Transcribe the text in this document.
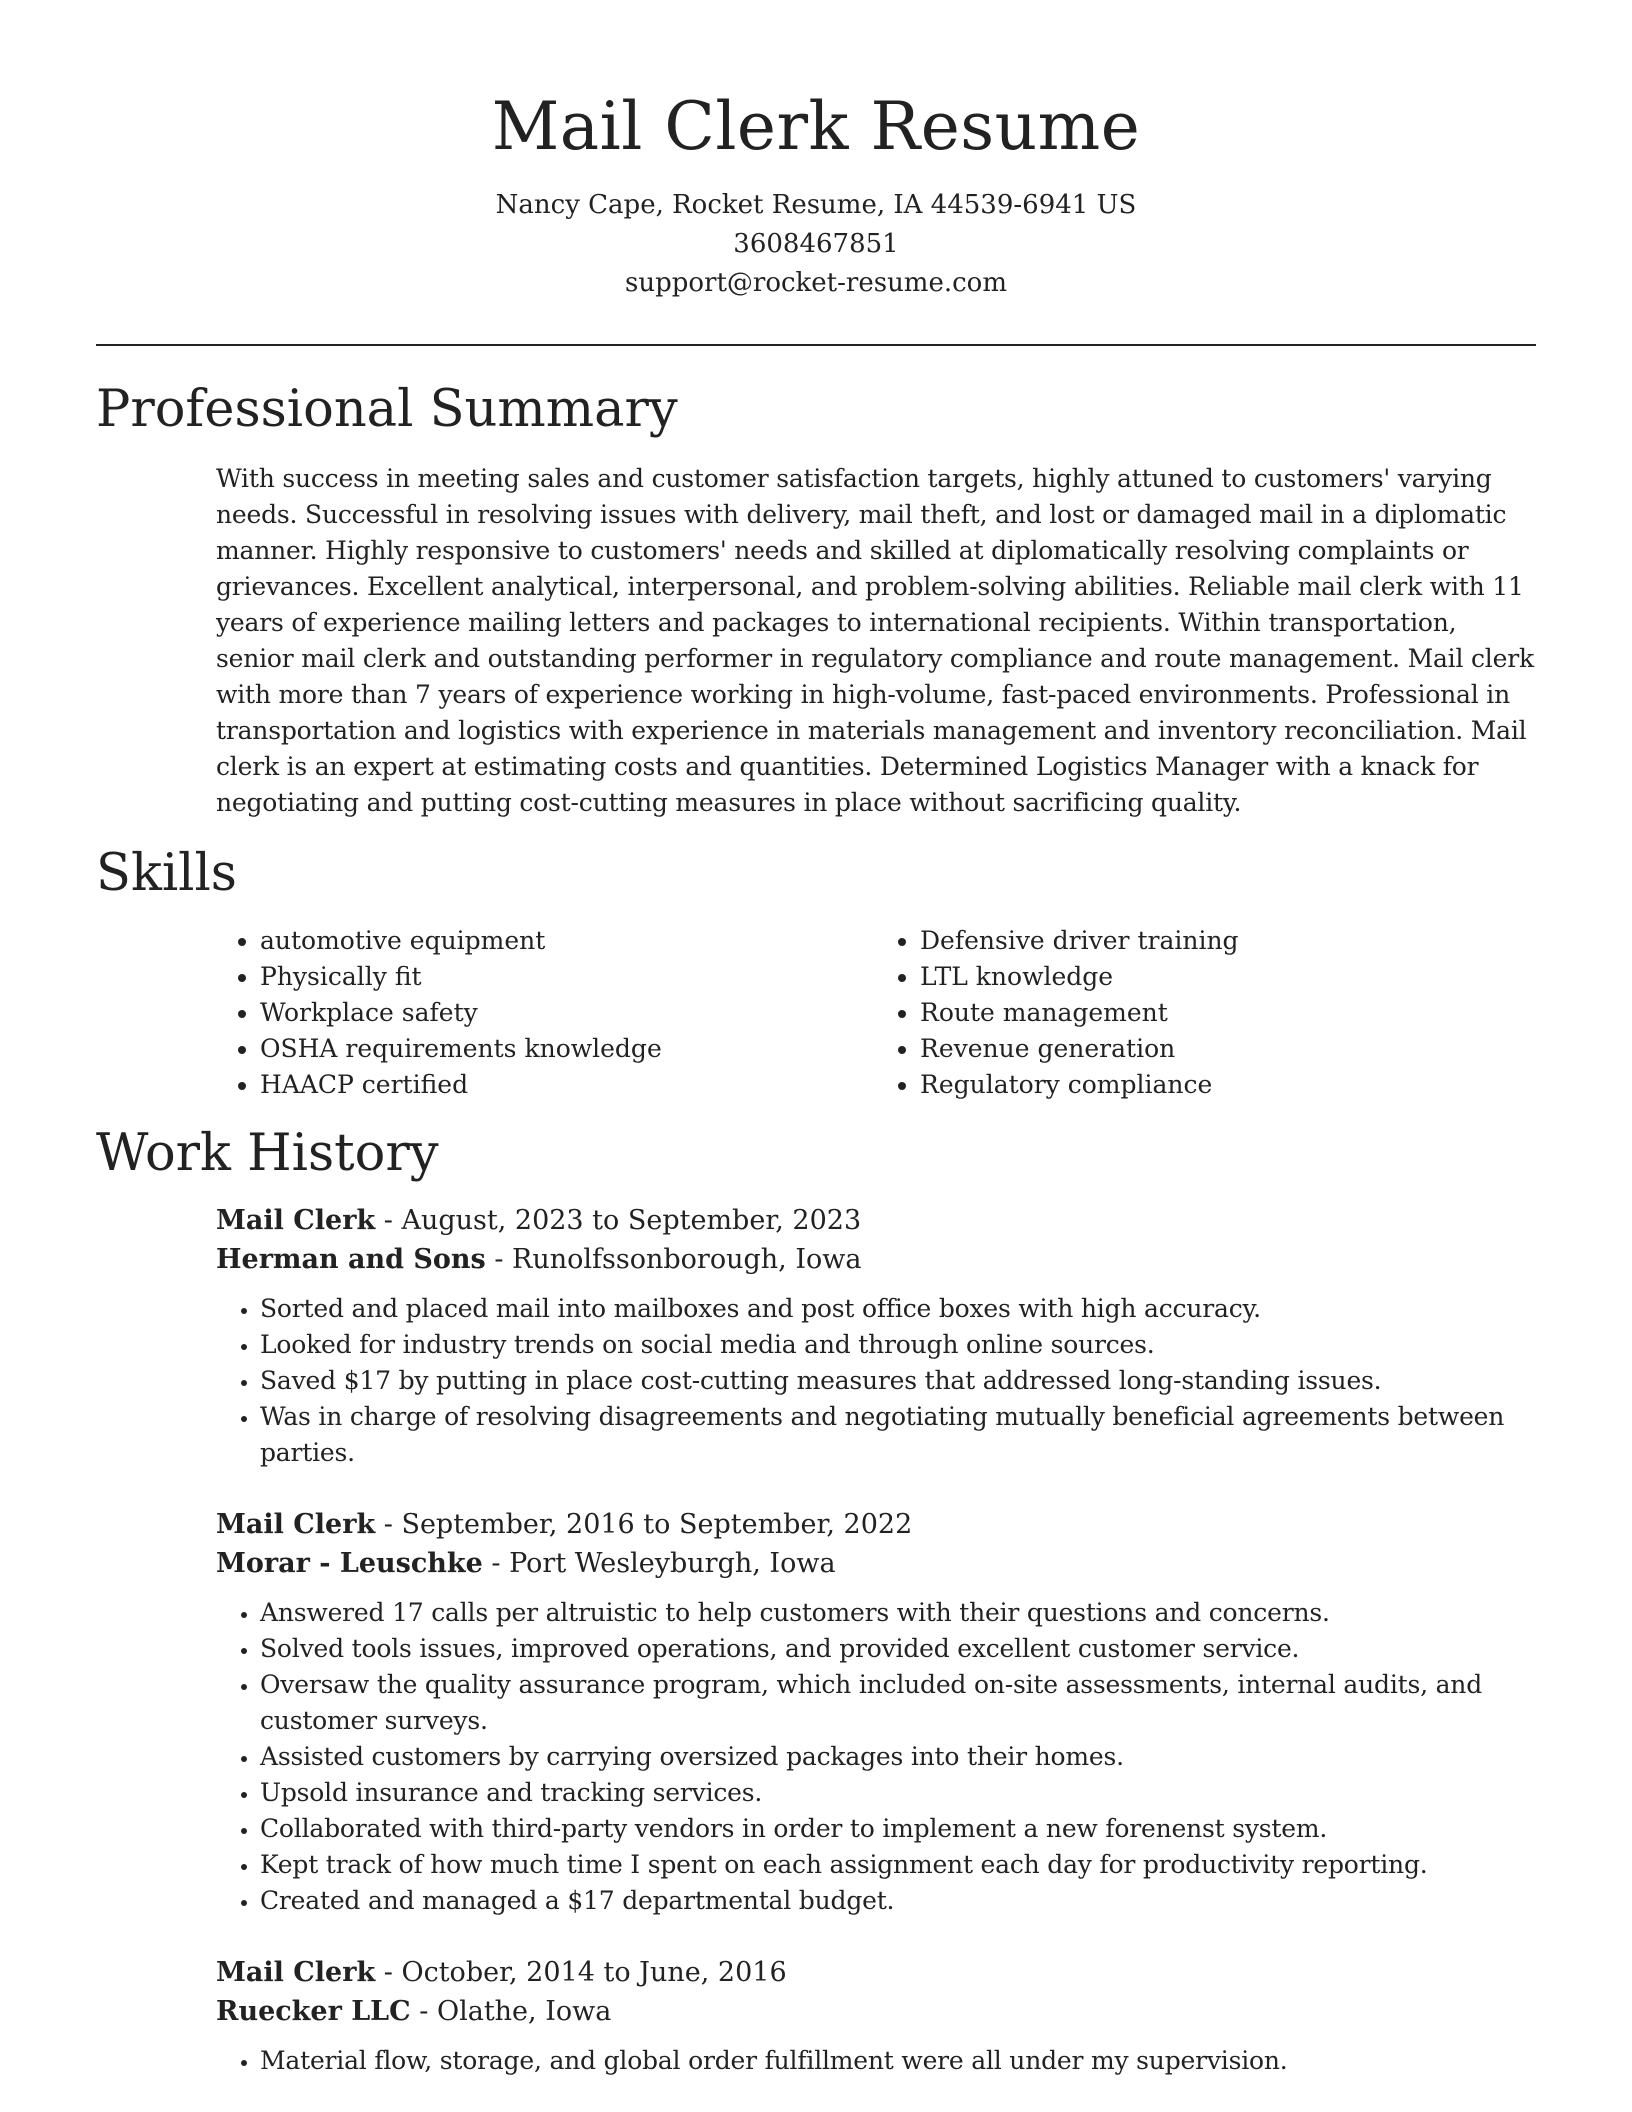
Mail Clerk Resume
Nancy Cape, Rocket Resume, IA 44539-6941 US
3608467851
support@rocket-resume.com
Professional Summary

With success in meeting sales and customer satisfaction targets, highly attuned to customers' varying needs. Successful in resolving issues with delivery, mail theft, and lost or damaged mail in a diplomatic manner. Highly responsive to customers' needs and skilled at diplomatically resolving complaints or grievances. Excellent analytical, interpersonal, and problem-solving abilities. Reliable mail clerk with 11 years of experience mailing letters and packages to international recipients. Within transportation, senior mail clerk and outstanding performer in regulatory compliance and route management. Mail clerk with more than 7 years of experience working in high-volume, fast-paced environments. Professional in transportation and logistics with experience in materials management and inventory reconciliation. Mail clerk is an expert at estimating costs and quantities. Determined Logistics Manager with a knack for negotiating and putting cost-cutting measures in place without sacrificing quality.

Skills
• automotive equipment
• Physically fit
• Workplace safety
• OSHA requirements knowledge
• HAACP certified
• Defensive driver training
• LTL knowledge
• Route management
• Revenue generation
• Regulatory compliance
Work History
Mail Clerk - August, 2023 to September, 2023
Herman and Sons - Runolfssonborough, Iowa
• Sorted and placed mail into mailboxes and post office boxes with high accuracy.
• Looked for industry trends on social media and through online sources.
• Saved $17 by putting in place cost-cutting measures that addressed long-standing issues.
• Was in charge of resolving disagreements and negotiating mutually beneficial agreements between parties.
Mail Clerk - September, 2016 to September, 2022
Morar - Leuschke - Port Wesleyburgh, Iowa
• Answered 17 calls per altruistic to help customers with their questions and concerns.
• Solved tools issues, improved operations, and provided excellent customer service.
• Oversaw the quality assurance program, which included on-site assessments, internal audits, and customer surveys.
• Assisted customers by carrying oversized packages into their homes.
• Upsold insurance and tracking services.
• Collaborated with third-party vendors in order to implement a new forenenst system.
• Kept track of how much time I spent on each assignment each day for productivity reporting.
• Created and managed a $17 departmental budget.
Mail Clerk - October, 2014 to June, 2016
Ruecker LLC - Olathe, Iowa
• Material flow, storage, and global order fulfillment were all under my supervision.
